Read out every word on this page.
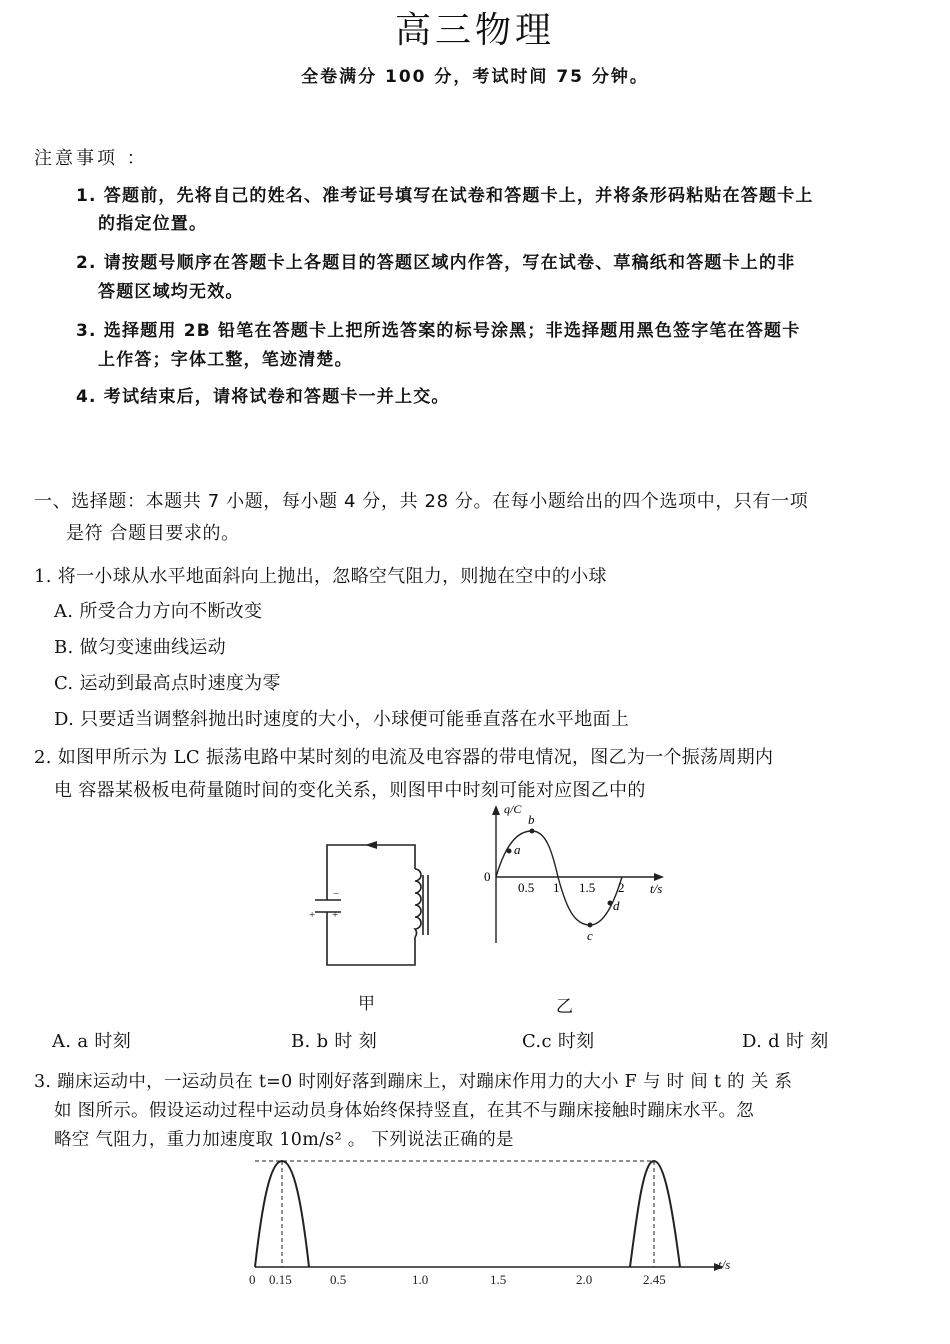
高三物理
全卷满分 100 分，考试时间 75 分钟。
注意事项 ：
1. 答题前，先将自己的姓名、准考证号填写在试卷和答题卡上，并将条形码粘贴在答题卡上
的指定位置。
2. 请按题号顺序在答题卡上各题目的答题区域内作答，写在试卷、草稿纸和答题卡上的非
答题区域均无效。
3. 选择题用 2B 铅笔在答题卡上把所选答案的标号涂黑；非选择题用黑色签字笔在答题卡
上作答；字体工整，笔迹清楚。
4. 考试结束后，请将试卷和答题卡一并上交。
一、选择题：本题共 7 小题，每小题 4 分，共 28 分。在每小题给出的四个选项中，只有一项
是符 合题目要求的。
1. 将一小球从水平地面斜向上抛出，忽略空气阻力，则抛在空中的小球
A. 所受合力方向不断改变
B. 做匀变速曲线运动
C. 运动到最高点时速度为零
D. 只要适当调整斜抛出时速度的大小，小球便可能垂直落在水平地面上
2. 如图甲所示为 LC 振荡电路中某时刻的电流及电容器的带电情况，图乙为一个振荡周期内
电 容器某极板电荷量随时间的变化关系，则图甲中时刻可能对应图乙中的
−
+
+
q/C
t/s
0
0.5 1 1.5 2
a
b
c
d
甲	乙
A. a 时刻	B. b 时 刻	C.c 时刻	D. d 时 刻
3. 蹦床运动中，一运动员在 t=0 时刚好落到蹦床上，对蹦床作用力的大小 F 与 时 间 t 的 关 系
如 图所示。假设运动过程中运动员身体始终保持竖直，在其不与蹦床接触时蹦床水平。忽
略空 气阻力，重力加速度取 10m/s² 。 下列说法正确的是
0 0.15	0.5	1.0	1.5	2.0	2.45
t/s
